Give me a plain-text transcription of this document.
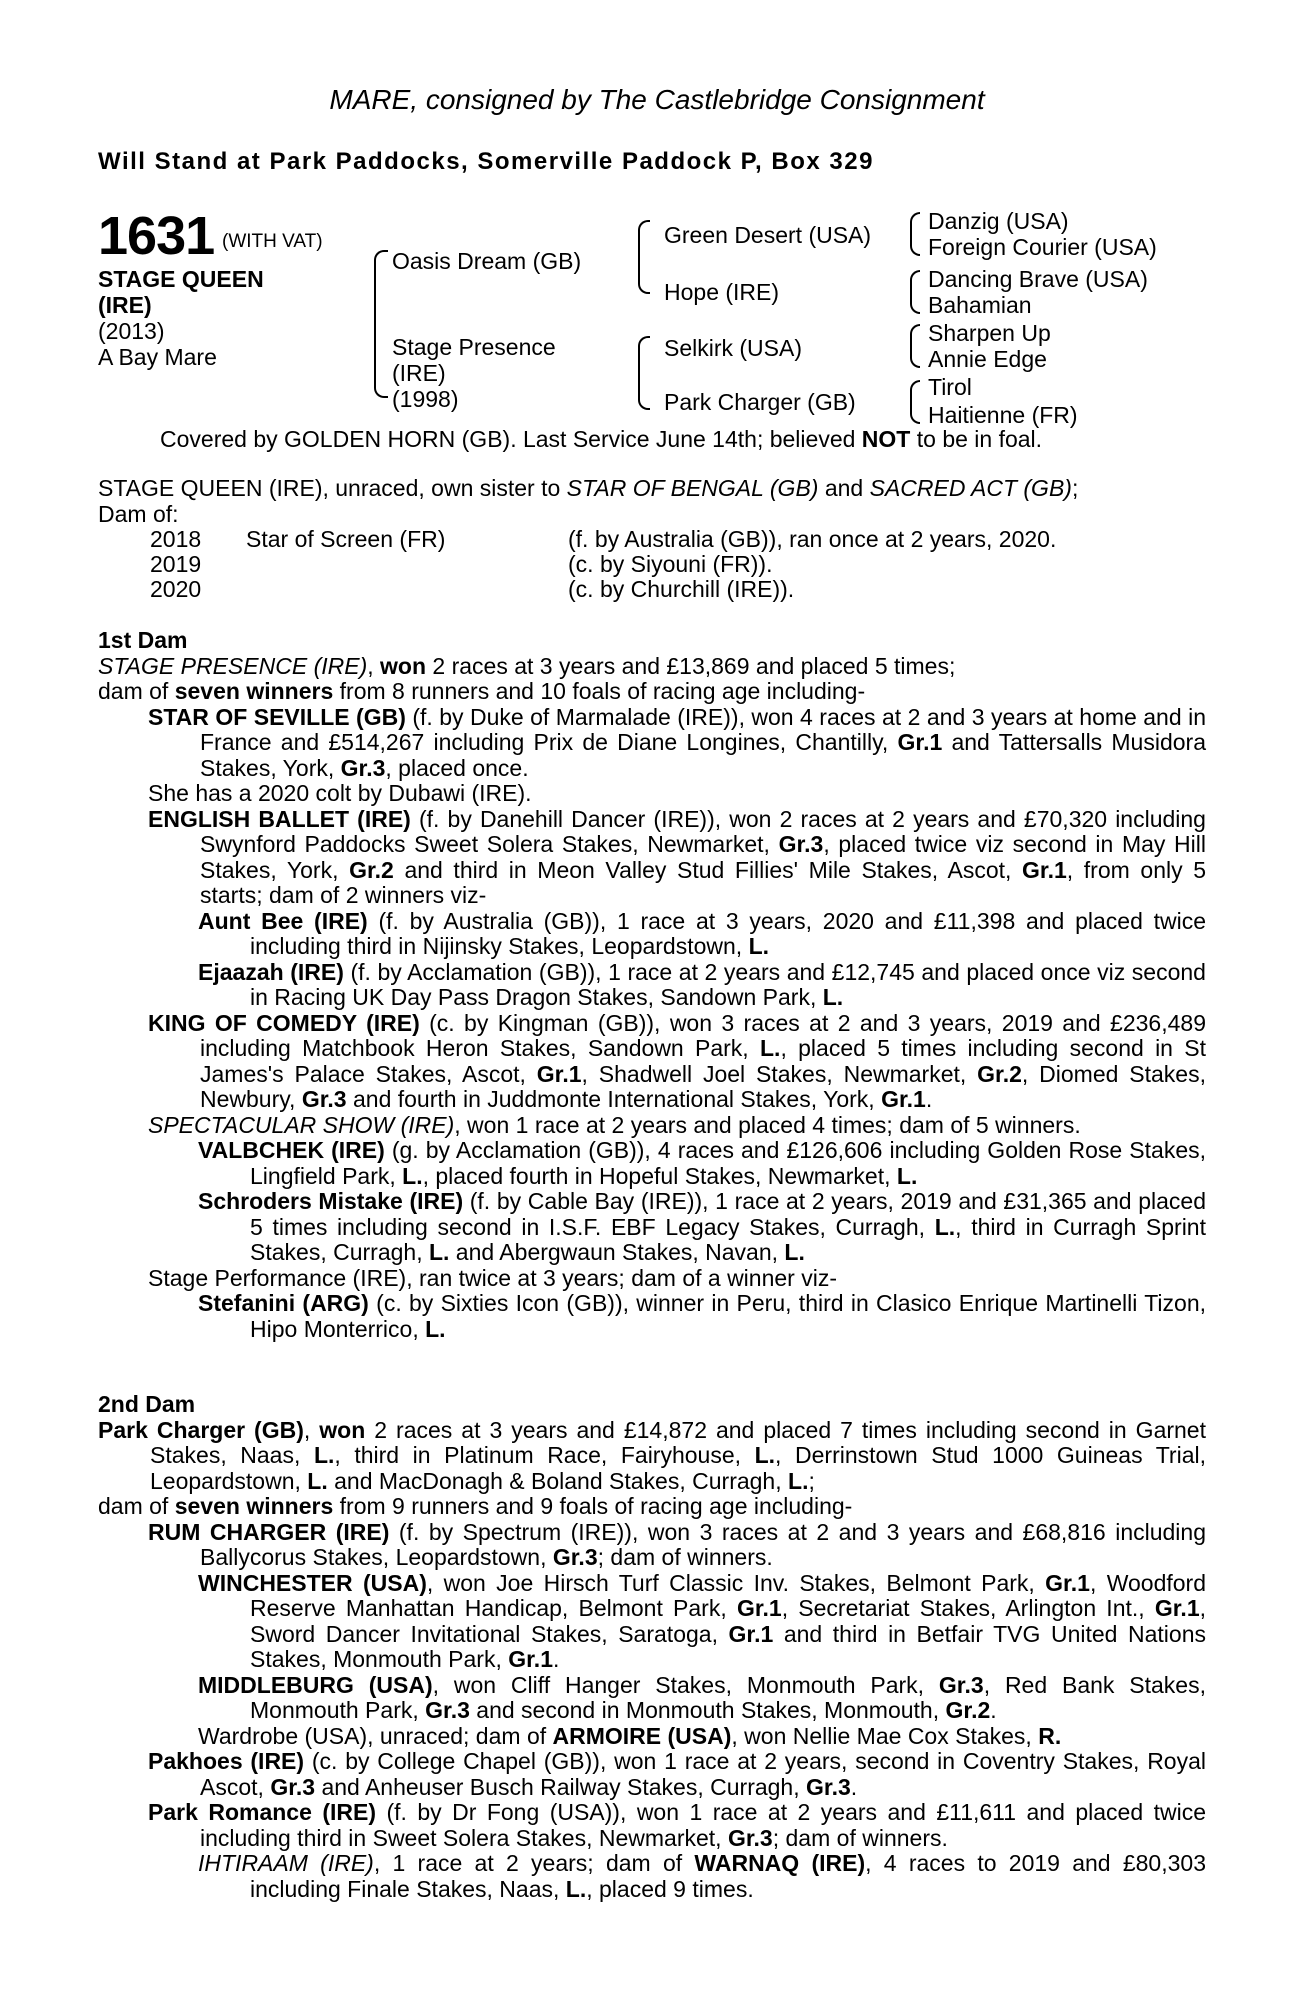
MARE, consigned by The Castlebridge Consignment
Will Stand at Park Paddocks, Somerville Paddock P, Box 329
1631 (WITH VAT)
STAGE QUEEN
(IRE)
(2013)
A Bay Mare
Oasis Dream (GB)
Stage Presence
(IRE)
(1998)
Green Desert (USA)
Hope (IRE)
Selkirk (USA)
Park Charger (GB)
Danzig (USA)
Foreign Courier (USA)
Dancing Brave (USA)
Bahamian
Sharpen Up
Annie Edge
Tirol
Haitienne (FR)
Covered by GOLDEN HORN (GB). Last Service June 14th; believed NOT to be in foal.

STAGE QUEEN (IRE), unraced, own sister to STAR OF BENGAL (GB) and SACRED ACT (GB);

Dam of:

2018	Star of Screen (FR)	(f. by Australia (GB)), ran once at 2 years, 2020.
2019		(c. by Siyouni (FR)).
2020		(c. by Churchill (IRE)).

1st Dam

STAGE PRESENCE (IRE), won 2 races at 3 years and £13,869 and placed 5 times;

dam of seven winners from 8 runners and 10 foals of racing age including-

STAR OF SEVILLE (GB) (f. by Duke of Marmalade (IRE)), won 4 races at 2 and 3 years at home and in France and £514,267 including Prix de Diane Longines, Chantilly, Gr.1 and Tattersalls Musidora Stakes, York, Gr.3, placed once.

She has a 2020 colt by Dubawi (IRE).

ENGLISH BALLET (IRE) (f. by Danehill Dancer (IRE)), won 2 races at 2 years and £70,320 including Swynford Paddocks Sweet Solera Stakes, Newmarket, Gr.3, placed twice viz second in May Hill Stakes, York, Gr.2 and third in Meon Valley Stud Fillies' Mile Stakes, Ascot, Gr.1, from only 5 starts; dam of 2 winners viz-

Aunt Bee (IRE) (f. by Australia (GB)), 1 race at 3 years, 2020 and £11,398 and placed twice including third in Nijinsky Stakes, Leopardstown, L.

Ejaazah (IRE) (f. by Acclamation (GB)), 1 race at 2 years and £12,745 and placed once viz second in Racing UK Day Pass Dragon Stakes, Sandown Park, L.

KING OF COMEDY (IRE) (c. by Kingman (GB)), won 3 races at 2 and 3 years, 2019 and £236,489 including Matchbook Heron Stakes, Sandown Park, L., placed 5 times including second in St James's Palace Stakes, Ascot, Gr.1, Shadwell Joel Stakes, Newmarket, Gr.2, Diomed Stakes, Newbury, Gr.3 and fourth in Juddmonte International Stakes, York, Gr.1.

SPECTACULAR SHOW (IRE), won 1 race at 2 years and placed 4 times; dam of 5 winners.

VALBCHEK (IRE) (g. by Acclamation (GB)), 4 races and £126,606 including Golden Rose Stakes, Lingfield Park, L., placed fourth in Hopeful Stakes, Newmarket, L.

Schroders Mistake (IRE) (f. by Cable Bay (IRE)), 1 race at 2 years, 2019 and £31,365 and placed 5 times including second in I.S.F. EBF Legacy Stakes, Curragh, L., third in Curragh Sprint Stakes, Curragh, L. and Abergwaun Stakes, Navan, L.

Stage Performance (IRE), ran twice at 3 years; dam of a winner viz-

Stefanini (ARG) (c. by Sixties Icon (GB)), winner in Peru, third in Clasico Enrique Martinelli Tizon, Hipo Monterrico, L.

2nd Dam

Park Charger (GB), won 2 races at 3 years and £14,872 and placed 7 times including second in Garnet Stakes, Naas, L., third in Platinum Race, Fairyhouse, L., Derrinstown Stud 1000 Guineas Trial, Leopardstown, L. and MacDonagh & Boland Stakes, Curragh, L.;

dam of seven winners from 9 runners and 9 foals of racing age including-

RUM CHARGER (IRE) (f. by Spectrum (IRE)), won 3 races at 2 and 3 years and £68,816 including Ballycorus Stakes, Leopardstown, Gr.3; dam of winners.

WINCHESTER (USA), won Joe Hirsch Turf Classic Inv. Stakes, Belmont Park, Gr.1, Woodford Reserve Manhattan Handicap, Belmont Park, Gr.1, Secretariat Stakes, Arlington Int., Gr.1, Sword Dancer Invitational Stakes, Saratoga, Gr.1 and third in Betfair TVG United Nations Stakes, Monmouth Park, Gr.1.

MIDDLEBURG (USA), won Cliff Hanger Stakes, Monmouth Park, Gr.3, Red Bank Stakes, Monmouth Park, Gr.3 and second in Monmouth Stakes, Monmouth, Gr.2.

Wardrobe (USA), unraced; dam of ARMOIRE (USA), won Nellie Mae Cox Stakes, R.

Pakhoes (IRE) (c. by College Chapel (GB)), won 1 race at 2 years, second in Coventry Stakes, Royal Ascot, Gr.3 and Anheuser Busch Railway Stakes, Curragh, Gr.3.

Park Romance (IRE) (f. by Dr Fong (USA)), won 1 race at 2 years and £11,611 and placed twice including third in Sweet Solera Stakes, Newmarket, Gr.3; dam of winners.

IHTIRAAM (IRE), 1 race at 2 years; dam of WARNAQ (IRE), 4 races to 2019 and £80,303 including Finale Stakes, Naas, L., placed 9 times.
